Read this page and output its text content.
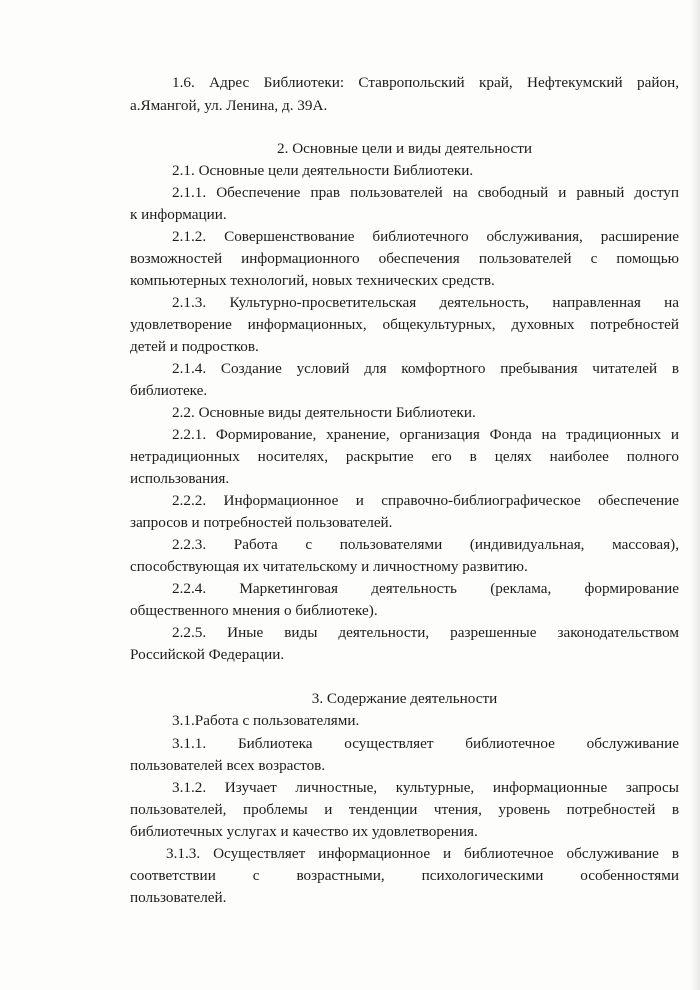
1.6. Адрес Библиотеки: Ставропольский край, Нефтекумский район,

а.Ямангой, ул. Ленина, д. 39А.

2. Основные цели и виды деятельности

2.1. Основные цели деятельности Библиотеки.

2.1.1. Обеспечение прав пользователей на свободный и равный доступ

к информации.

2.1.2. Совершенствование библиотечного обслуживания, расширение

возможностей информационного обеспечения пользователей с помощью

компьютерных технологий, новых технических средств.

2.1.3. Культурно-просветительская деятельность, направленная на

удовлетворение информационных, общекультурных, духовных потребностей

детей и подростков.

2.1.4. Создание условий для комфортного пребывания читателей в

библиотеке.

2.2. Основные виды деятельности Библиотеки.

2.2.1. Формирование, хранение, организация Фонда на традиционных и

нетрадиционных носителях, раскрытие его в целях наиболее полного

использования.

2.2.2. Информационное и справочно-библиографическое обеспечение

запросов и потребностей пользователей.

2.2.3. Работа с пользователями (индивидуальная, массовая),

способствующая их читательскому и личностному развитию.

2.2.4. Маркетинговая деятельность (реклама, формирование

общественного мнения о библиотеке).

2.2.5. Иные виды деятельности, разрешенные законодательством

Российской Федерации.

3. Содержание деятельности

3.1.Работа с пользователями.

3.1.1. Библиотека осуществляет библиотечное обслуживание

пользователей всех возрастов.

3.1.2. Изучает личностные, культурные, информационные запросы

пользователей, проблемы и тенденции чтения, уровень потребностей в

библиотечных услугах и качество их удовлетворения.

3.1.3. Осуществляет информационное и библиотечное обслуживание в

соответствии с возрастными, психологическими особенностями

пользователей.
